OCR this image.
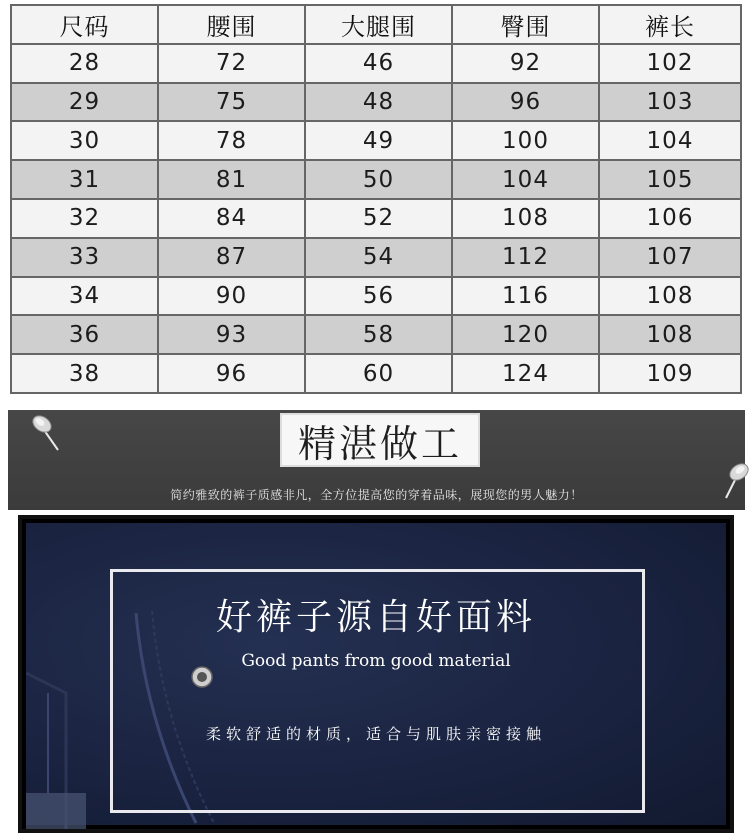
尺码	腰围	大腿围	臀围	裤长
28	72	46	92	102
29	75	48	96	103
30	78	49	100	104
31	81	50	104	105
32	84	52	108	106
33	87	54	112	107
34	90	56	116	108
36	93	58	120	108
38	96	60	124	109
精湛做工
简约雅致的裤子质感非凡，全方位提高您的穿着品味，展现您的男人魅力！
好裤子源自好面料
Good pants from good material
柔软舒适的材质，适合与肌肤亲密接触
